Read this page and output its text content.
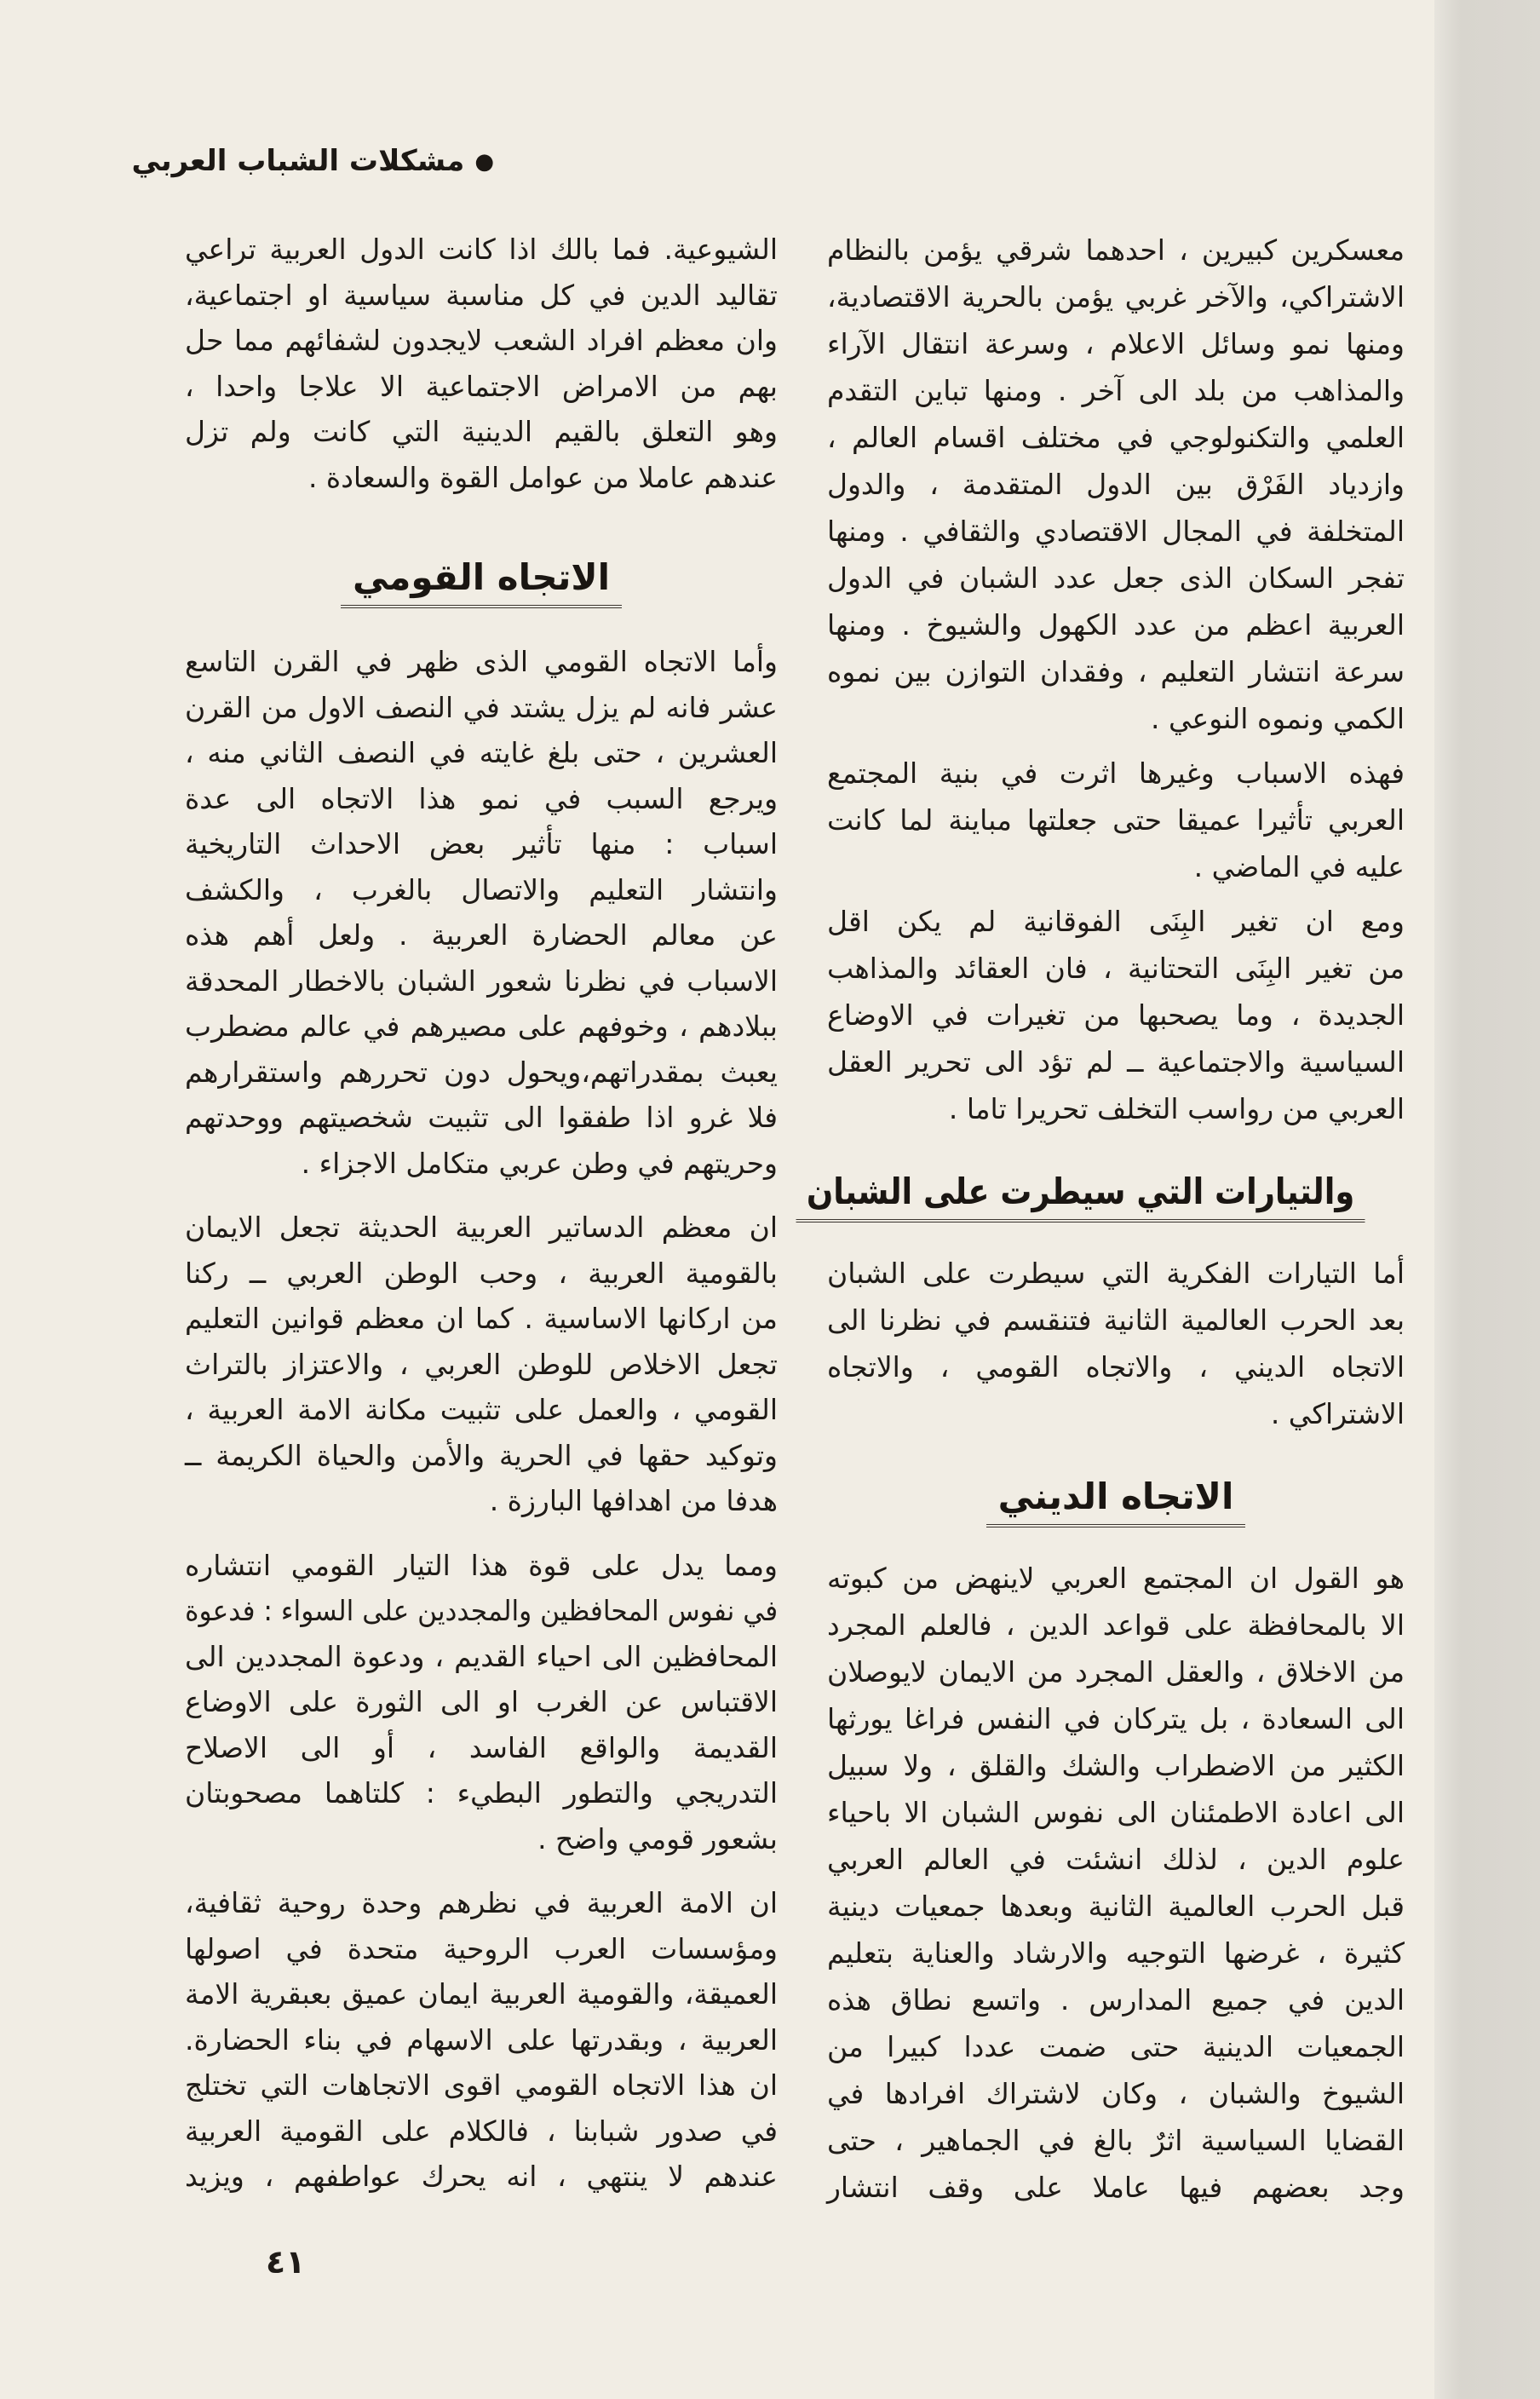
●مشكلات الشباب العربي
معسكرين كبيرين ، احدهما شرقي يؤمن بالنظام
الاشتراكي، والآخر غربي يؤمن بالحرية الاقتصادية،
ومنها نمو وسائل الاعلام ، وسرعة انتقال الآراء
والمذاهب من بلد الى آخر . ومنها تباين التقدم
العلمي والتكنولوجي في مختلف اقسام العالم ،
وازدياد الفَرْق بين الدول المتقدمة ، والدول
المتخلفة في المجال الاقتصادي والثقافي . ومنها
تفجر السكان الذى جعل عدد الشبان في الدول
العربية اعظم من عدد الكهول والشيوخ . ومنها
سرعة انتشار التعليم ، وفقدان التوازن بين نموه
الكمي ونموه النوعي .
فهذه الاسباب وغيرها اثرت في بنية المجتمع
العربي تأثيرا عميقا حتى جعلتها مباينة لما كانت
عليه في الماضي .
ومع ان تغير البِنَى الفوقانية لم يكن اقل
من تغير البِنَى التحتانية ، فان العقائد والمذاهب
الجديدة ، وما يصحبها من تغيرات في الاوضاع
السياسية والاجتماعية ــ لم تؤد الى تحرير العقل
العربي من رواسب التخلف تحريرا تاما .
والتيارات التي سيطرت على الشبان
أما التيارات الفكرية التي سيطرت على الشبان
بعد الحرب العالمية الثانية فتنقسم في نظرنا الى
الاتجاه الديني ، والاتجاه القومي ، والاتجاه
الاشتراكي .
الاتجاه الديني
هو القول ان المجتمع العربي لاينهض من كبوته
الا بالمحافظة على قواعد الدين ، فالعلم المجرد
من الاخلاق ، والعقل المجرد من الايمان لايوصلان
الى السعادة ، بل يتركان في النفس فراغا يورثها
الكثير من الاضطراب والشك والقلق ، ولا سبيل
الى اعادة الاطمئنان الى نفوس الشبان الا باحياء
علوم الدين ، لذلك انشئت في العالم العربي
قبل الحرب العالمية الثانية وبعدها جمعيات دينية
كثيرة ، غرضها التوجيه والارشاد والعناية بتعليم
الدين في جميع المدارس . واتسع نطاق هذه
الجمعيات الدينية حتى ضمت عددا كبيرا من
الشيوخ والشبان ، وكان لاشتراك افرادها في
القضايا السياسية اثرٌ بالغ في الجماهير ، حتى
وجد بعضهم فيها عاملا على وقف انتشار
الشيوعية. فما بالك اذا كانت الدول العربية تراعي
تقاليد الدين في كل مناسبة سياسية او اجتماعية،
وان معظم افراد الشعب لايجدون لشفائهم مما حل
بهم من الامراض الاجتماعية الا علاجا واحدا ،
وهو التعلق بالقيم الدينية التي كانت ولم تزل
عندهم عاملا من عوامل القوة والسعادة .
الاتجاه القومي
وأما الاتجاه القومي الذى ظهر في القرن التاسع
عشر فانه لم يزل يشتد في النصف الاول من القرن
العشرين ، حتى بلغ غايته في النصف الثاني منه ،
ويرجع السبب في نمو هذا الاتجاه الى عدة
اسباب : منها تأثير بعض الاحداث التاريخية
وانتشار التعليم والاتصال بالغرب ، والكشف
عن معالم الحضارة العربية . ولعل أهم هذه
الاسباب في نظرنا شعور الشبان بالاخطار المحدقة
ببلادهم ، وخوفهم على مصيرهم في عالم مضطرب
يعبث بمقدراتهم،ويحول دون تحررهم واستقرارهم
فلا غرو اذا طفقوا الى تثبيت شخصيتهم ووحدتهم
وحريتهم في وطن عربي متكامل الاجزاء .
ان معظم الدساتير العربية الحديثة تجعل الايمان
بالقومية العربية ، وحب الوطن العربي ــ ركنا
من اركانها الاساسية . كما ان معظم قوانين التعليم
تجعل الاخلاص للوطن العربي ، والاعتزاز بالتراث
القومي ، والعمل على تثبيت مكانة الامة العربية ،
وتوكيد حقها في الحرية والأمن والحياة الكريمة ــ
هدفا من اهدافها البارزة .
ومما يدل على قوة هذا التيار القومي انتشاره
في نفوس المحافظين والمجددين على السواء : فدعوة
المحافظين الى احياء القديم ، ودعوة المجددين الى
الاقتباس عن الغرب او الى الثورة على الاوضاع
القديمة والواقع الفاسد ، أو الى الاصلاح
التدريجي والتطور البطيء : كلتاهما مصحوبتان
بشعور قومي واضح .
ان الامة العربية في نظرهم وحدة روحية ثقافية،
ومؤسسات العرب الروحية متحدة في اصولها
العميقة، والقومية العربية ايمان عميق بعبقرية الامة
العربية ، وبقدرتها على الاسهام في بناء الحضارة.
ان هذا الاتجاه القومي اقوى الاتجاهات التي تختلج
في صدور شبابنا ، فالكلام على القومية العربية
عندهم لا ينتهي ، انه يحرك عواطفهم ، ويزيد
٤١
